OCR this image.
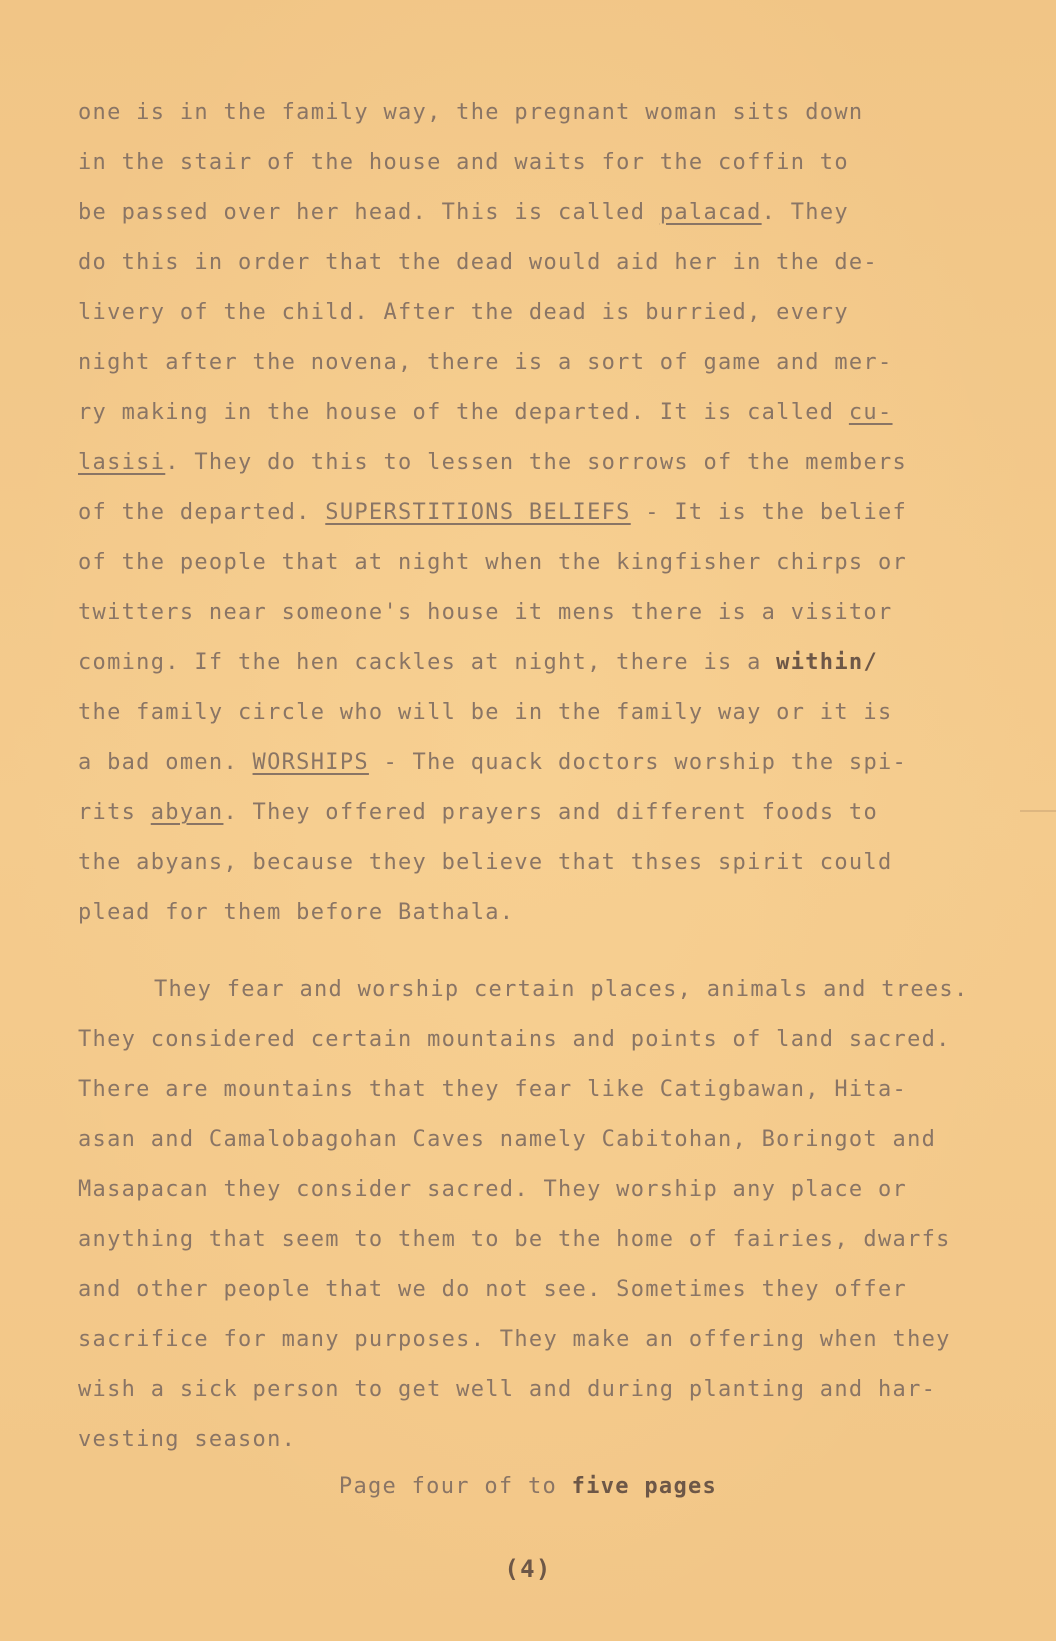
one is in the family way, the pregnant woman sits down
in the stair of the house and waits for the coffin to
be passed over her head. This is called palacad. They
do this in order that the dead would aid her in the de-
livery of the child. After the dead is burried, every
night after the novena, there is a sort of game and mer-
ry making in the house of the departed. It is called cu-
lasisi. They do this to lessen the sorrows of the members
of the departed. SUPERSTITIONS BELIEFS - It is the belief
of the people that at night when the kingfisher chirps or
twitters near someone's house it mens there is a visitor
coming. If the hen cackles at night, there is a within/
the family circle who will be in the family way or it is
a bad omen. WORSHIPS - The quack doctors worship the spi-
rits abyan. They offered prayers and different foods to
the abyans, because they believe that thses spirit could
plead for them before Bathala.
They fear and worship certain places, animals and trees.
They considered certain mountains and points of land sacred.
There are mountains that they fear like Catigbawan, Hita-
asan and Camalobagohan Caves namely Cabitohan, Boringot and
Masapacan they consider sacred. They worship any place or
anything that seem to them to be the home of fairies, dwarfs
and other people that we do not see. Sometimes they offer
sacrifice for many purposes. They make an offering when they
wish a sick person to get well and during planting and har-
vesting season.
Page four of to five pages
(4)
